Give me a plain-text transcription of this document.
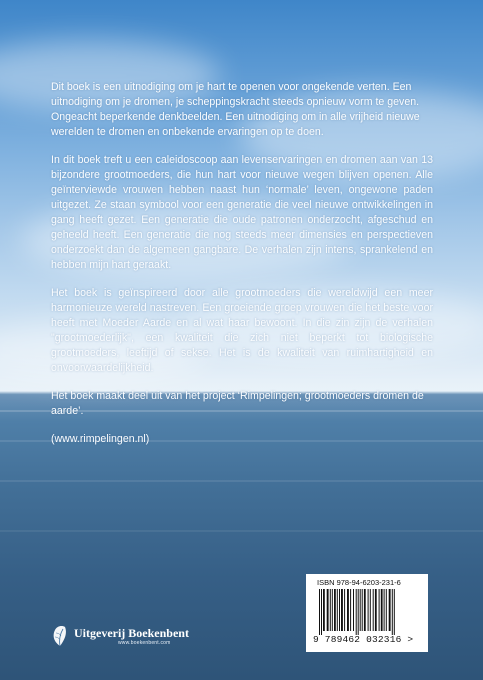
Dit boek is een uitnodiging om je hart te openen voor ongekende verten. Een uitnodiging om je dromen, je scheppingskracht steeds opnieuw vorm te geven. Ongeacht beperkende denkbeelden. Een uitnodiging om in alle vrijheid nieuwe werelden te dromen en onbekende ervaringen op te doen.

In dit boek treft u een caleidoscoop aan levenservaringen en dromen aan van 13 bijzondere grootmoeders, die hun hart voor nieuwe wegen blijven openen. Alle geïnterviewde vrouwen hebben naast hun ‘normale’ leven, ongewone paden uitgezet. Ze staan symbool voor een generatie die veel nieuwe ontwikkelingen in gang heeft gezet. Een generatie die oude patronen onderzocht, afgeschud en geheeld heeft. Een generatie die nog steeds meer dimensies en perspectieven onderzoekt dan de algemeen gangbare. De verhalen zijn intens, sprankelend en hebben mijn hart geraakt.

Het boek is geïnspireerd door alle grootmoeders die wereldwijd een meer harmonieuze wereld nastreven. Een groeiende groep vrouwen die het beste voor heeft met Moeder Aarde en al wat haar bewoont. In die zin zijn de verhalen "grootmoederlijk", een kwaliteit die zich niet beperkt tot biologische grootmoeders, leeftijd of sekse. Het is de kwaliteit van ruimhartigheid en onvoorwaardelijkheid.

Het boek maakt deel uit van het project ‘Rimpelingen; grootmoeders dromen de aarde’.

(www.rimpelingen.nl)

Uitgeverij Boekenbent
www.boekenbent.com
ISBN 978-94-6203-231-6
9 789462 032316 >
